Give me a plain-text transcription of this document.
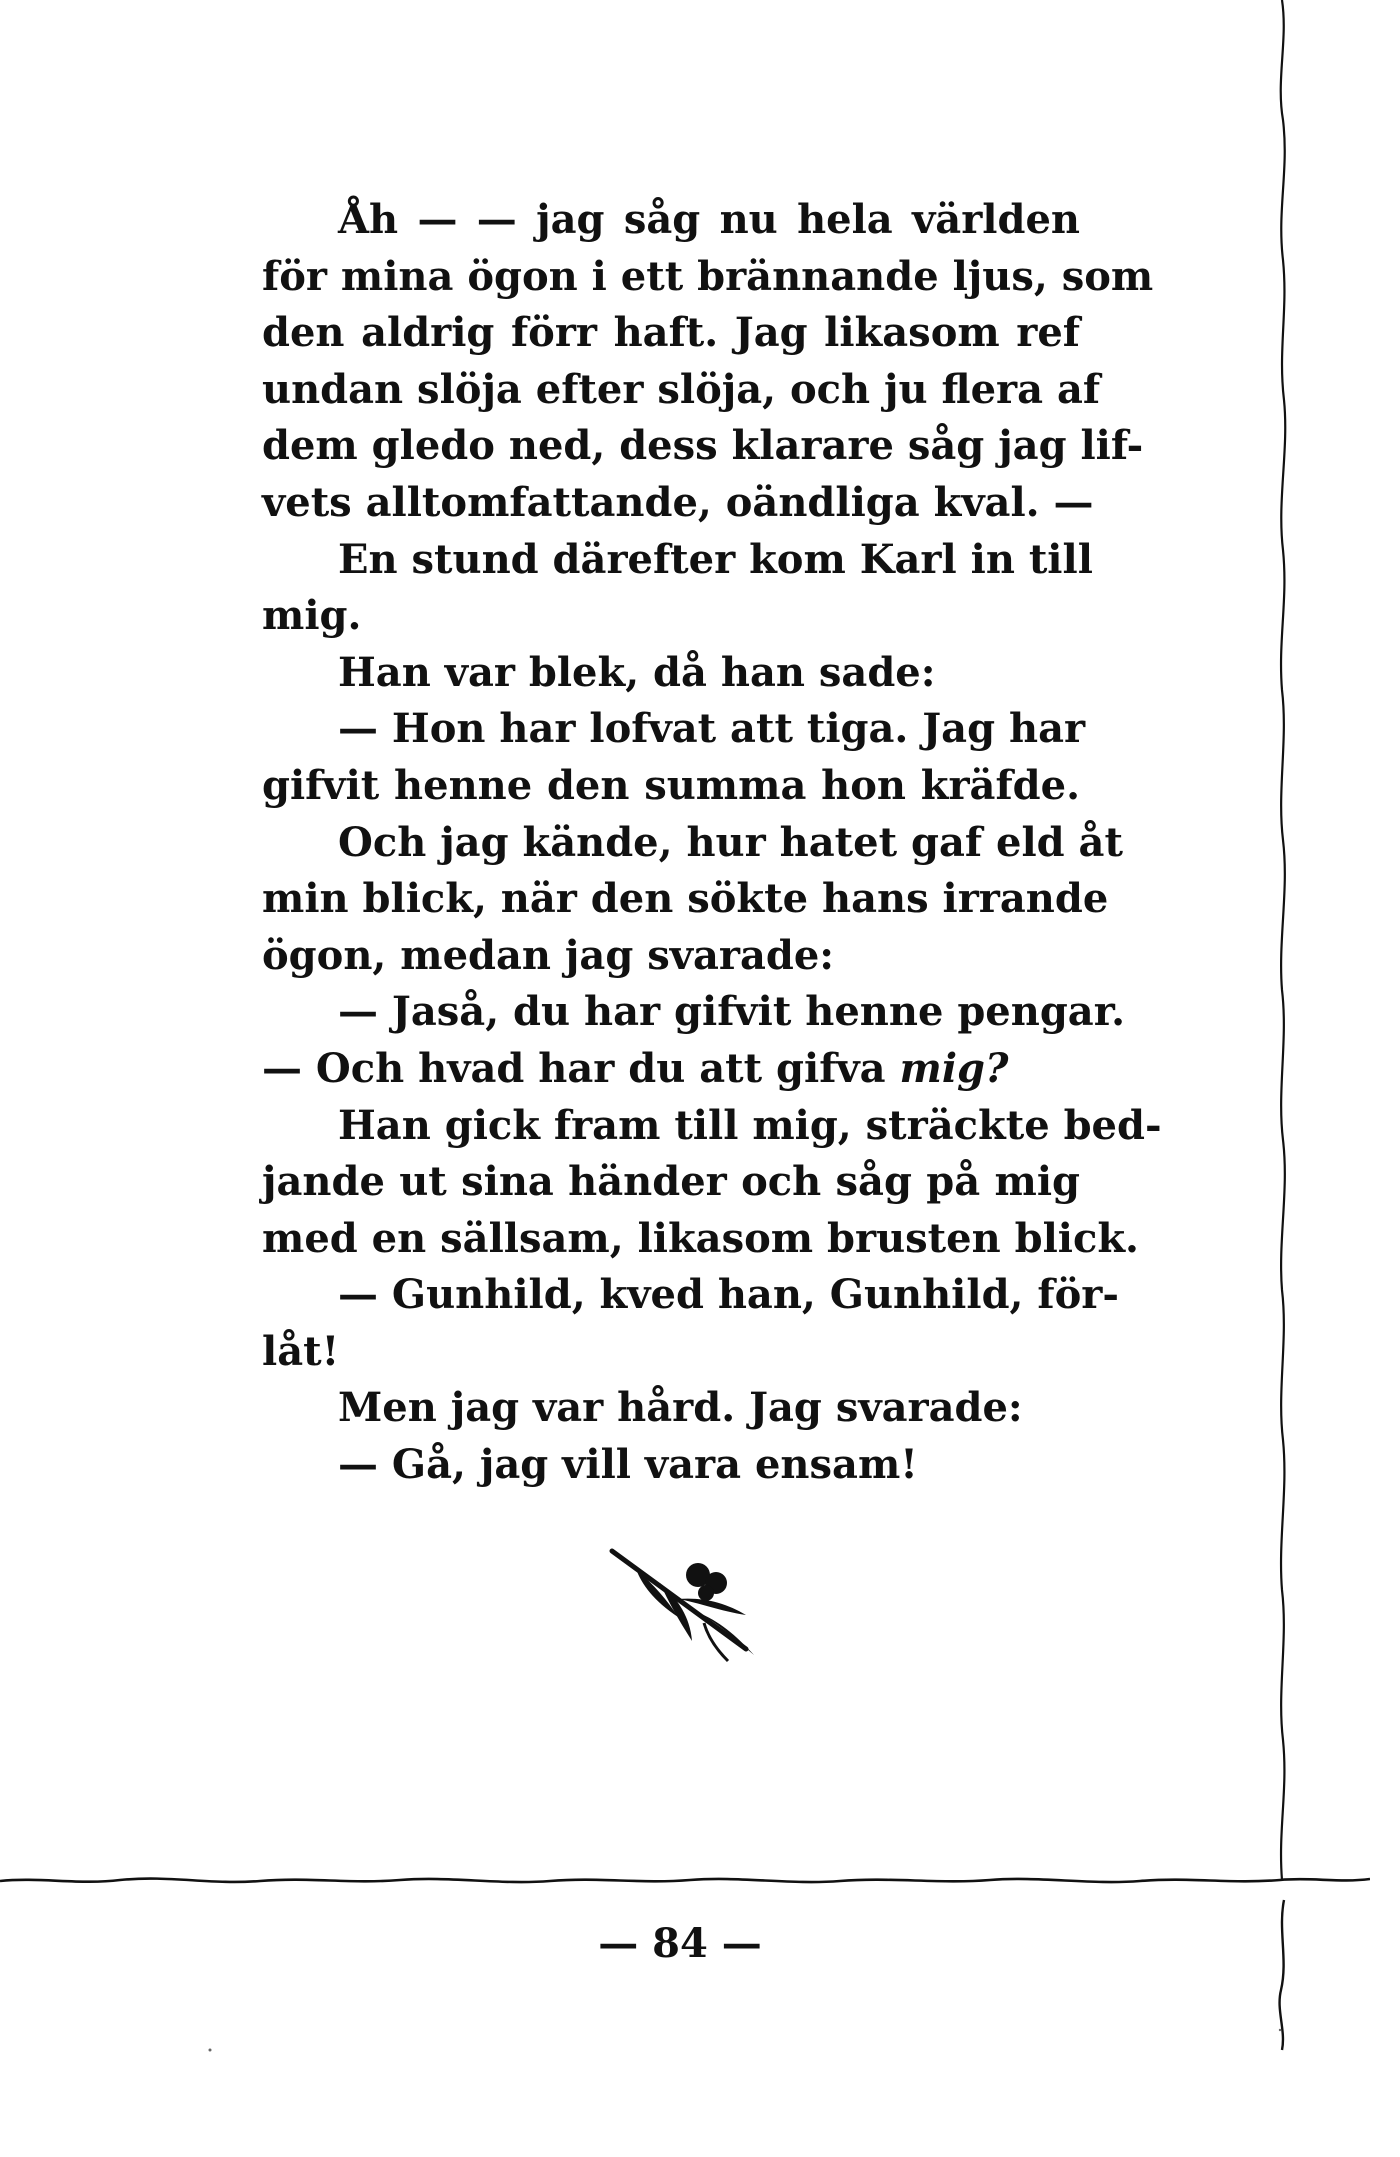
Åh — — jag såg nu hela världen
för mina ögon i ett brännande ljus, som
den aldrig förr haft. Jag likasom ref
undan slöja efter slöja, och ju flera af
dem gledo ned, dess klarare såg jag lif-
vets alltomfattande, oändliga kval. —
En stund därefter kom Karl in till
mig.
Han var blek, då han sade:
— Hon har lofvat att tiga. Jag har
gifvit henne den summa hon kräfde.
Och jag kände, hur hatet gaf eld åt
min blick, när den sökte hans irrande
ögon, medan jag svarade:
— Jaså, du har gifvit henne pengar.
— Och hvad har du att gifva mig?
Han gick fram till mig, sträckte bed-
jande ut sina händer och såg på mig
med en sällsam, likasom brusten blick.
— Gunhild, kved han, Gunhild, för-
låt!
Men jag var hård. Jag svarade:
— Gå, jag vill vara ensam!
— 84 —
